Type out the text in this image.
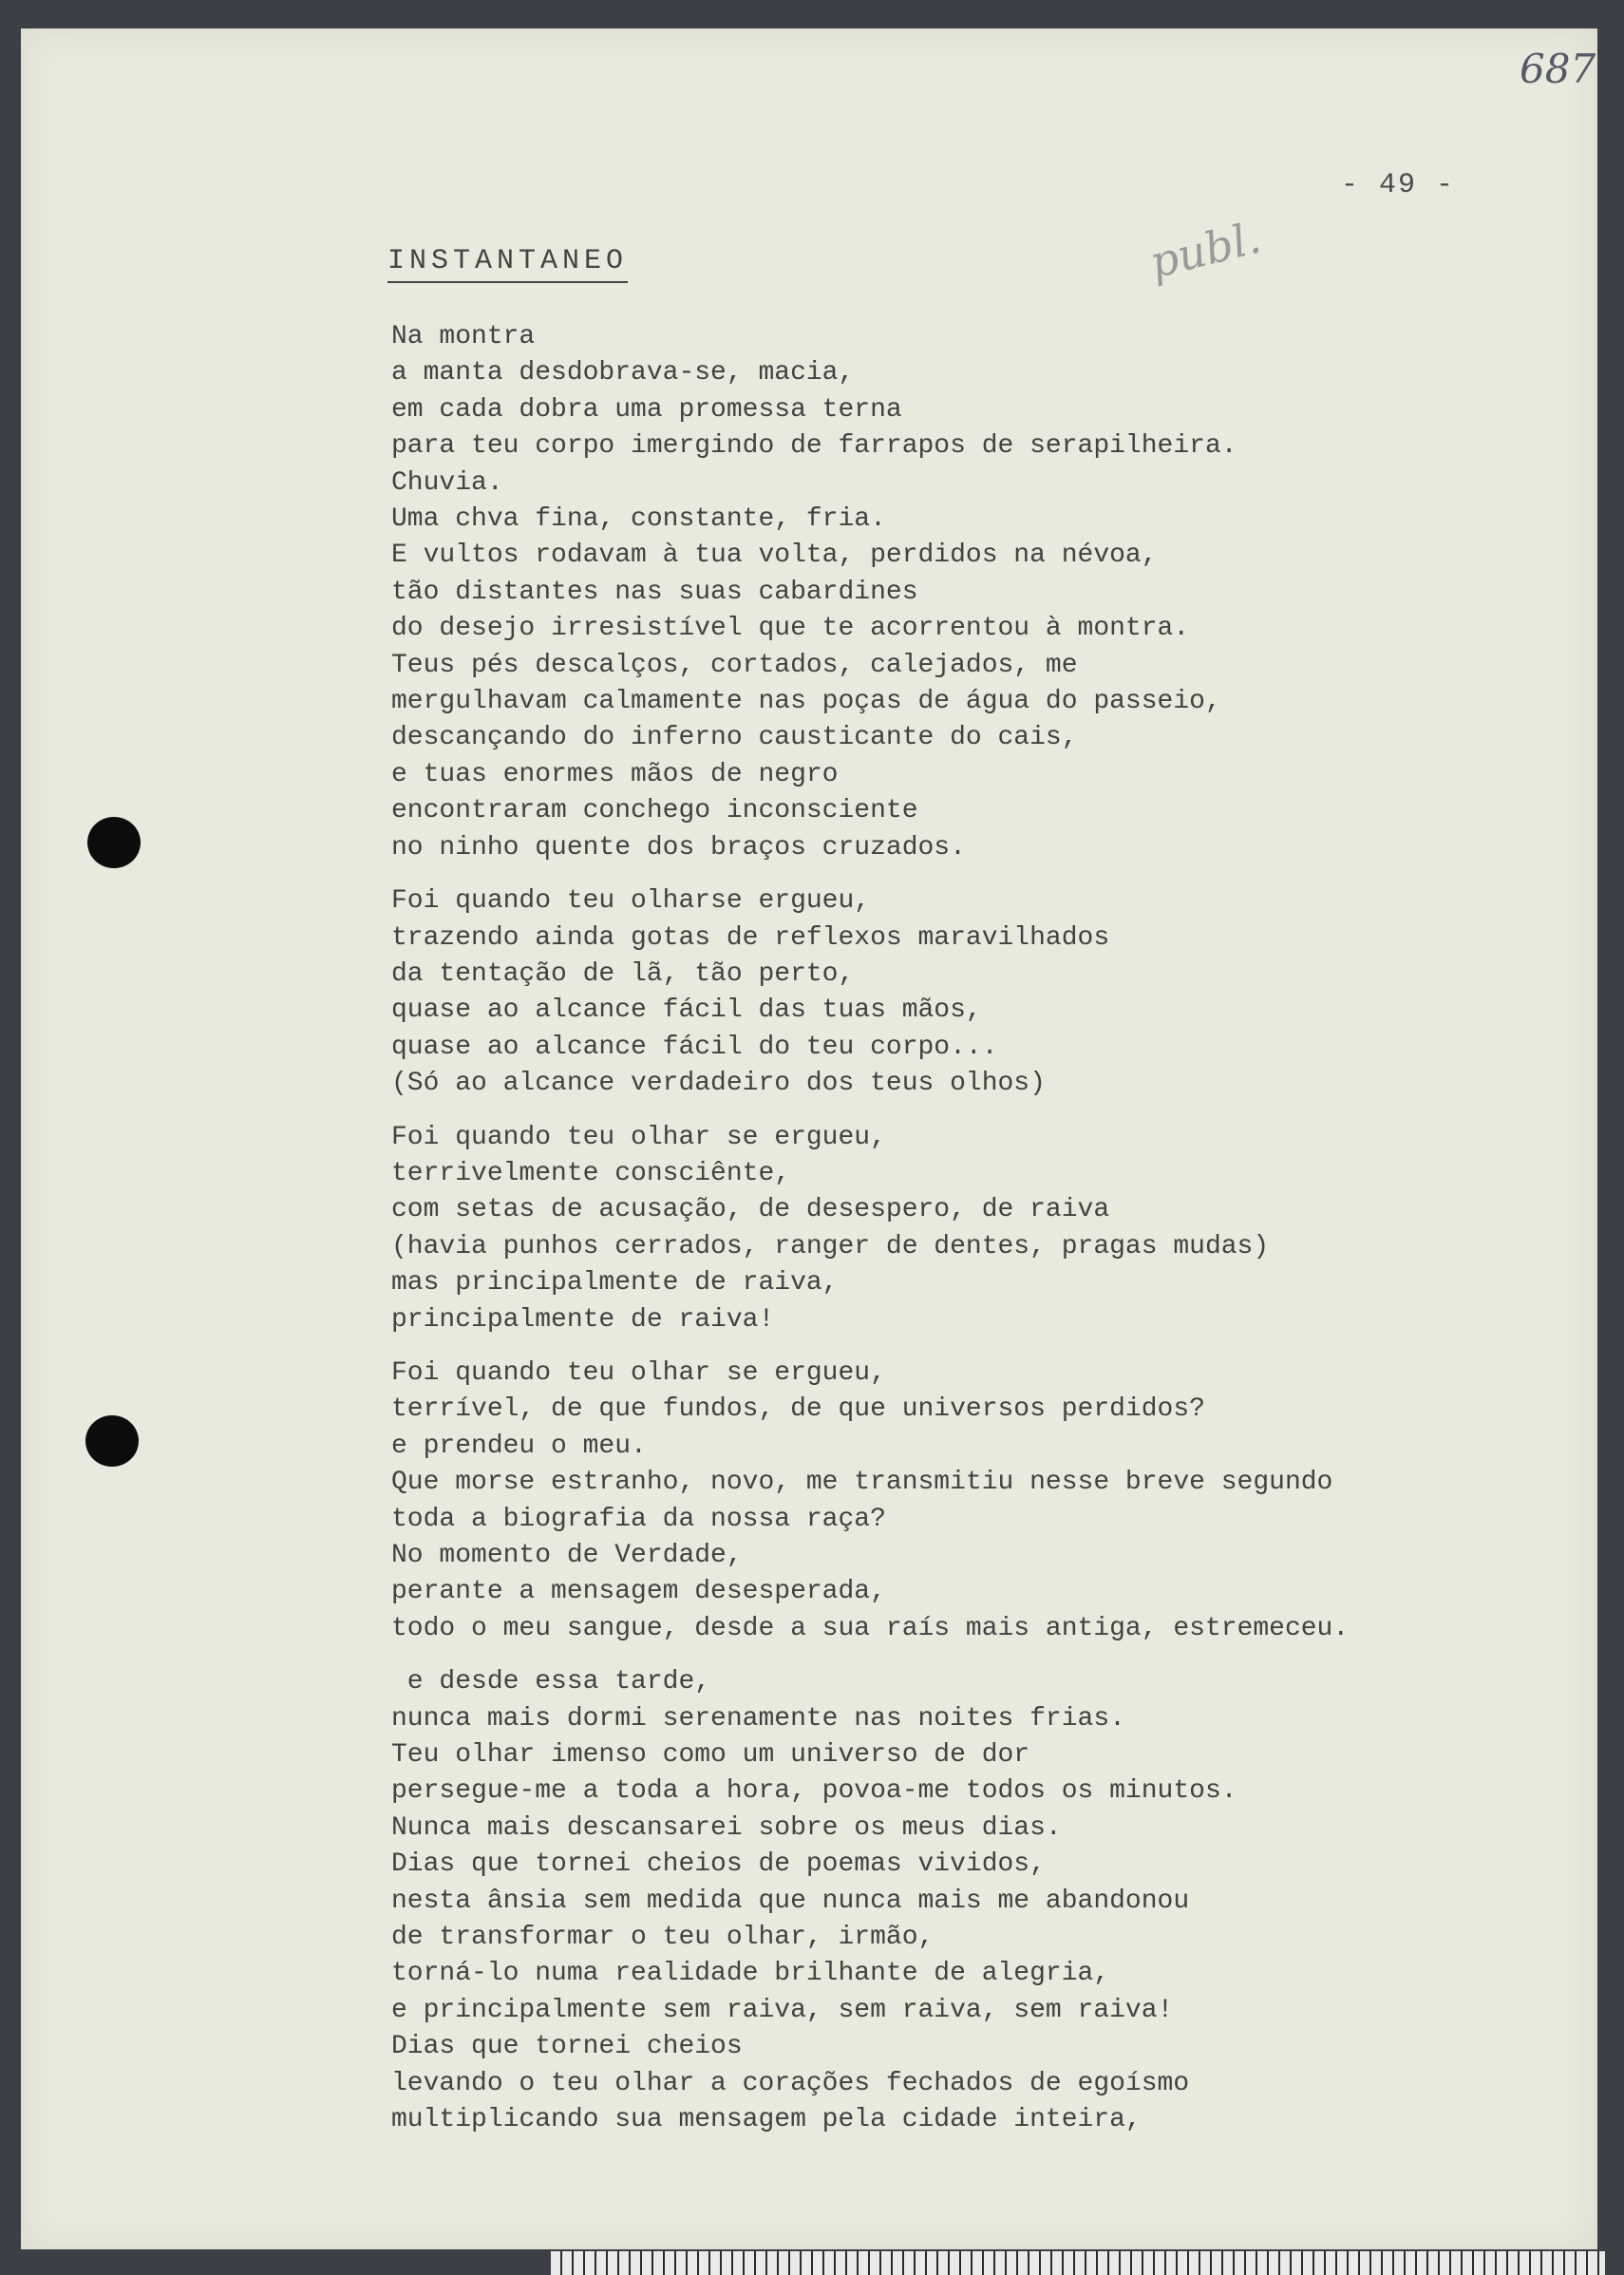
687
- 49 -
publ.
INSTANTANEO
Na montra
a manta desdobrava-se, macia,
em cada dobra uma promessa terna
para teu corpo imergindo de farrapos de serapilheira.
Chuvia.
Uma chva fina, constante, fria.
E vultos rodavam à tua volta, perdidos na névoa,
tão distantes nas suas cabardines
do desejo irresistível que te acorrentou à montra.
Teus pés descalços, cortados, calejados, me
mergulhavam calmamente nas poças de água do passeio,
descançando do inferno causticante do cais,
e tuas enormes mãos de negro
encontraram conchego inconsciente
no ninho quente dos braços cruzados.
Foi quando teu olharse ergueu,
trazendo ainda gotas de reflexos maravilhados
da tentação de lã, tão perto,
quase ao alcance fácil das tuas mãos,
quase ao alcance fácil do teu corpo...
(Só ao alcance verdadeiro dos teus olhos)
Foi quando teu olhar se ergueu,
terrivelmente consciênte,
com setas de acusação, de desespero, de raiva
(havia punhos cerrados, ranger de dentes, pragas mudas)
mas principalmente de raiva,
principalmente de raiva!
Foi quando teu olhar se ergueu,
terrível, de que fundos, de que universos perdidos?
e prendeu o meu.
Que morse estranho, novo, me transmitiu nesse breve segundo
toda a biografia da nossa raça?
No momento de Verdade,
perante a mensagem desesperada,
todo o meu sangue, desde a sua raís mais antiga, estremeceu.
e desde essa tarde,
nunca mais dormi serenamente nas noites frias.
Teu olhar imenso como um universo de dor
persegue-me a toda a hora, povoa-me todos os minutos.
Nunca mais descansarei sobre os meus dias.
Dias que tornei cheios de poemas vividos,
nesta ânsia sem medida que nunca mais me abandonou
de transformar o teu olhar, irmão,
torná-lo numa realidade brilhante de alegria,
e principalmente sem raiva, sem raiva, sem raiva!
Dias que tornei cheios
levando o teu olhar a corações fechados de egoísmo
multiplicando sua mensagem pela cidade inteira,
